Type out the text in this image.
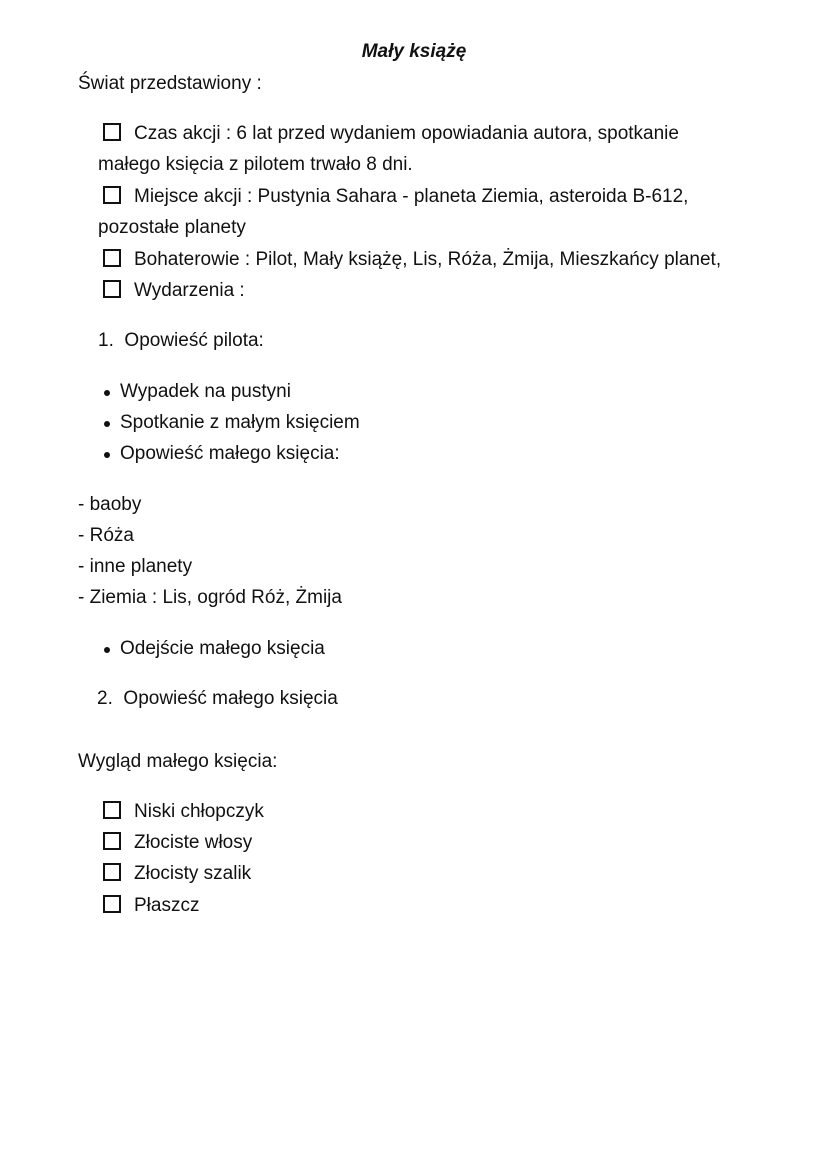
Mały książę
Świat przedstawiony :
Czas akcji : 6 lat przed wydaniem opowiadania autora, spotkanie
małego księcia z pilotem trwało 8 dni.
Miejsce akcji : Pustynia Sahara - planeta Ziemia, asteroida B-612,
pozostałe planety
Bohaterowie : Pilot, Mały książę, Lis, Róża, Żmija, Mieszkańcy planet,
Wydarzenia :
1. Opowieść pilota:
Wypadek na pustyni
Spotkanie z małym księciem
Opowieść małego księcia:
- baoby
- Róża
- inne planety
- Ziemia : Lis, ogród Róż, Żmija
Odejście małego księcia
2. Opowieść małego księcia
Wygląd małego księcia:
Niski chłopczyk
Złociste włosy
Złocisty szalik
Płaszcz
